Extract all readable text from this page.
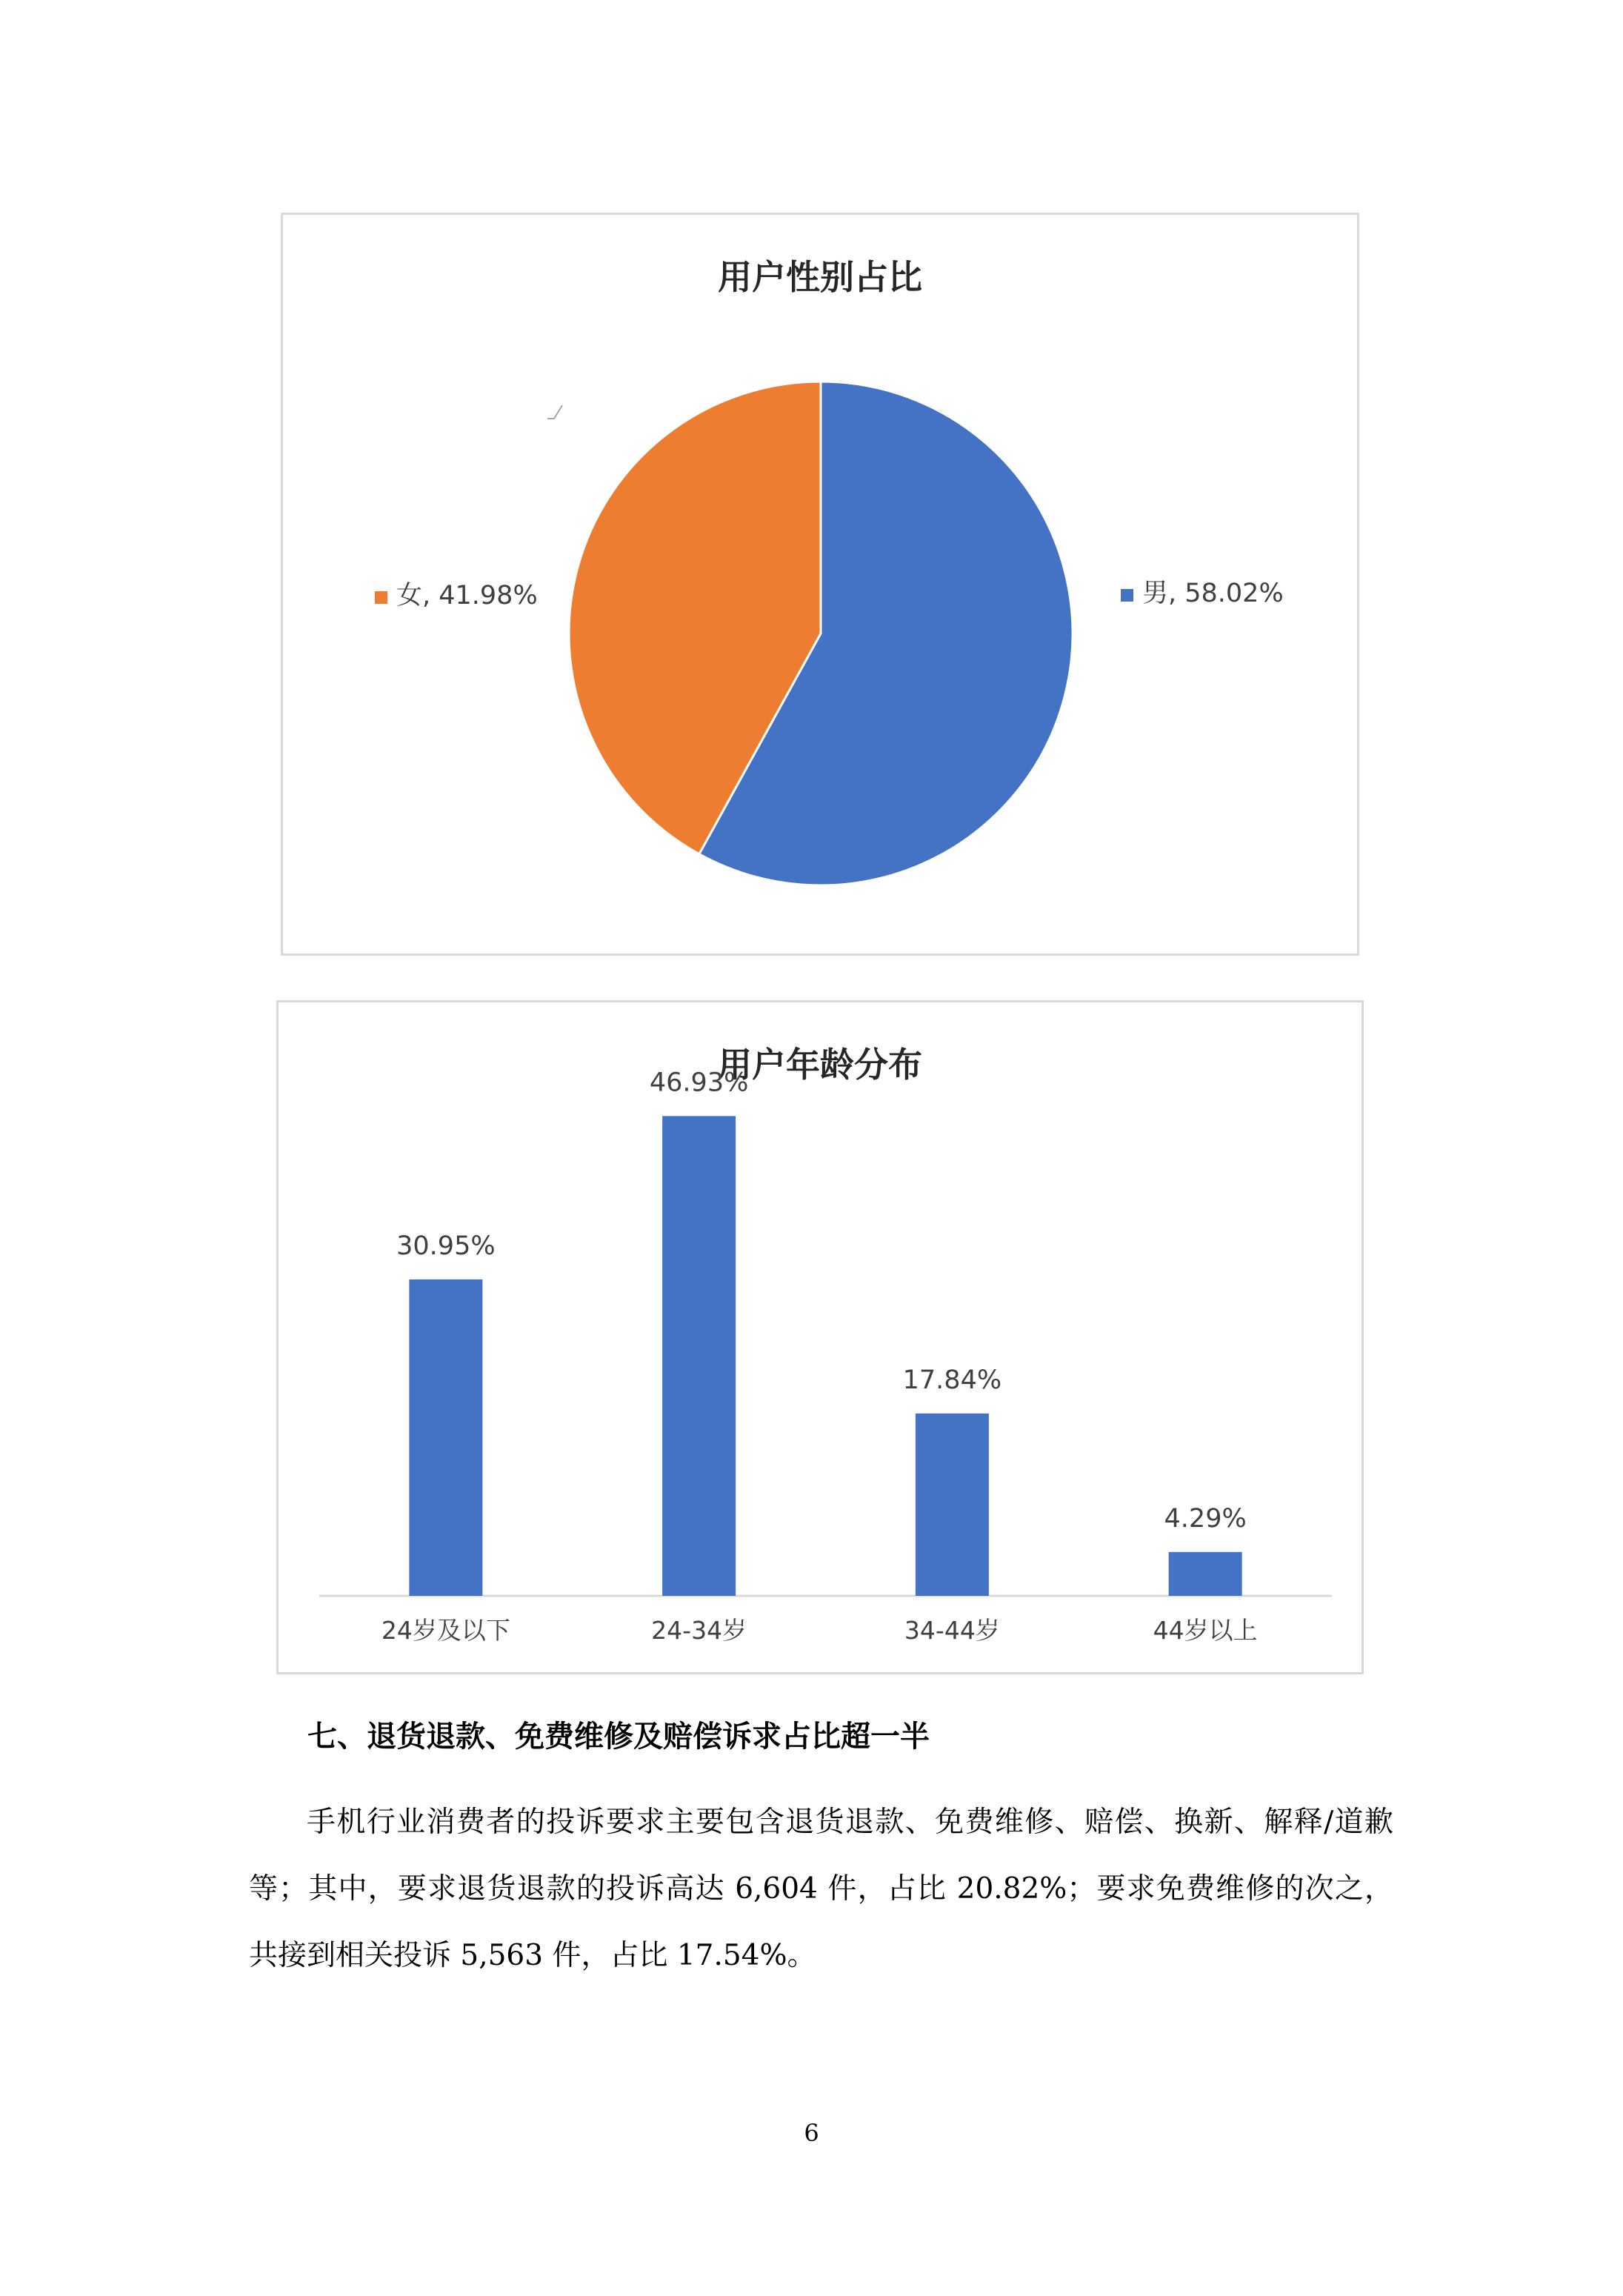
用户性别占比
男, 58.02%
女, 41.98%
用户年龄分布
30.95%
24岁及以下
46.93%
24-34岁
17.84%
34-44岁
4.29%
44岁以上
七、退货退款、免费维修及赔偿诉求占比超一半
手机行业消费者的投诉要求主要包含退货退款、免费维修、赔偿、换新、解释/道歉等；其中，要求退货退款的投诉高达 6,604 件，占比 20.82%；要求免费维修的次之，共接到相关投诉 5,563 件，占比 17.54%。
6
